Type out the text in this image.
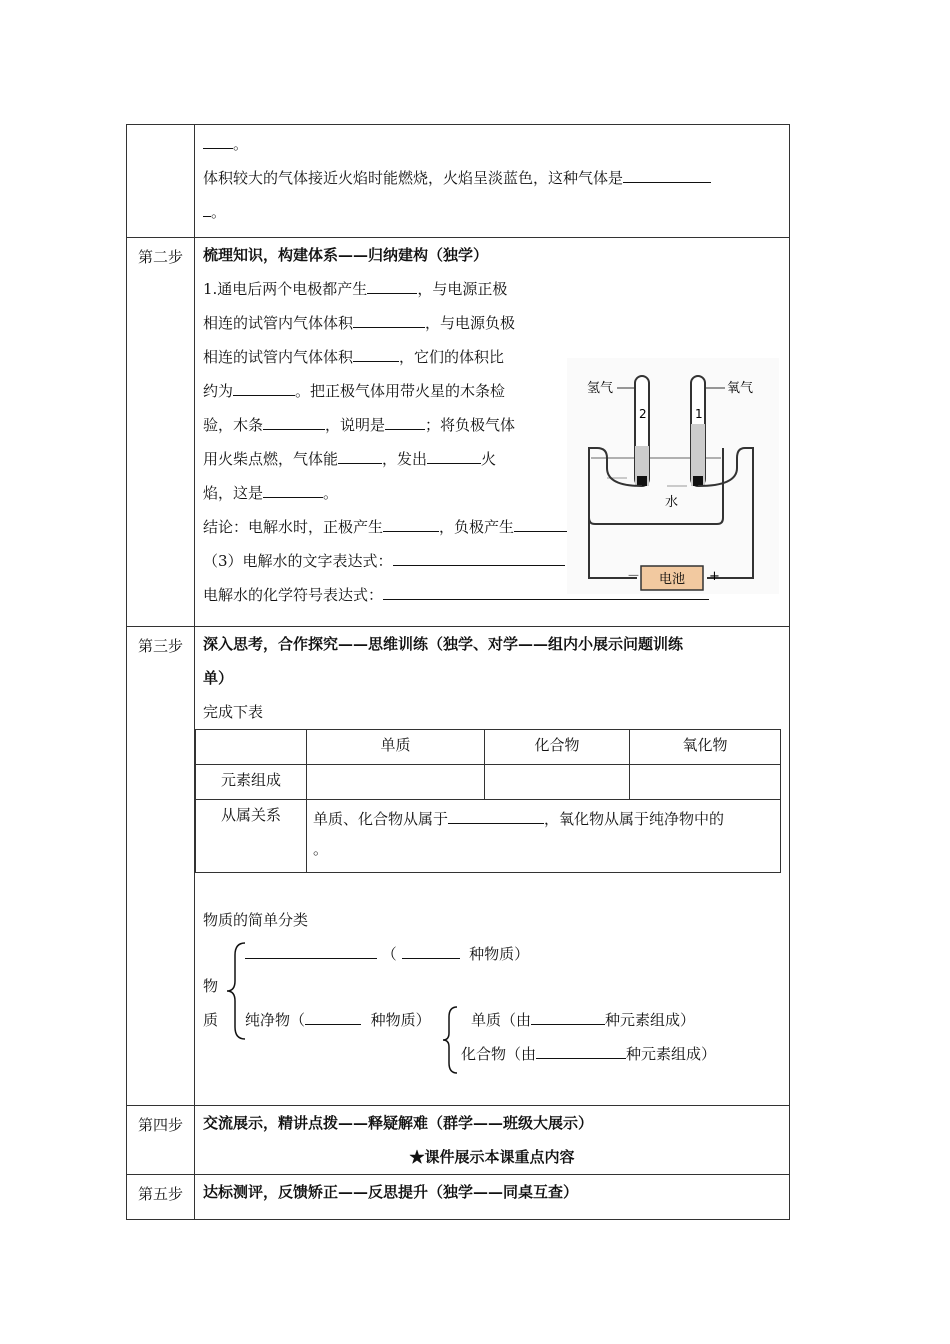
。
体积较大的气体接近火焰时能燃烧，火焰呈淡蓝色，这种气体是
。

第二步	梳理知识，构建体系——归纳建构（独学）
1.通电后两个电极都产生	，与电源正极
相连的试管内气体体积	，与电源负极
相连的试管内气体体积	，它们的体积比
约为	。把正极气体用带火星的木条检
验，木条	，说明是	；将负极气体
用火柴点燃，气体能	，发出	火
焰，这是	。
结论：电解水时，正极产生	，负极产生
（3）电解水的文字表达式：
电解水的化学符号表达式：
电池
－	+
氢气	氧气
2	1
水

第三步	深入思考，合作探究——思维训练（独学、对学——组内小展示问题训练
单）
完成下表
	单质	化合物	氧化物
元素组成			
从属关系	单质、化合物从属于	，氧化物从属于纯净物中的
。
物质的简单分类
（	种物质）
物
质 纯净物（	种物质）	单质（由	种元素组成）
化合物（由	种元素组成）

第四步	交流展示，精讲点拨——释疑解难（群学——班级大展示）
★课件展示本课重点内容

第五步	达标测评，反馈矫正——反思提升（独学——同桌互查）
